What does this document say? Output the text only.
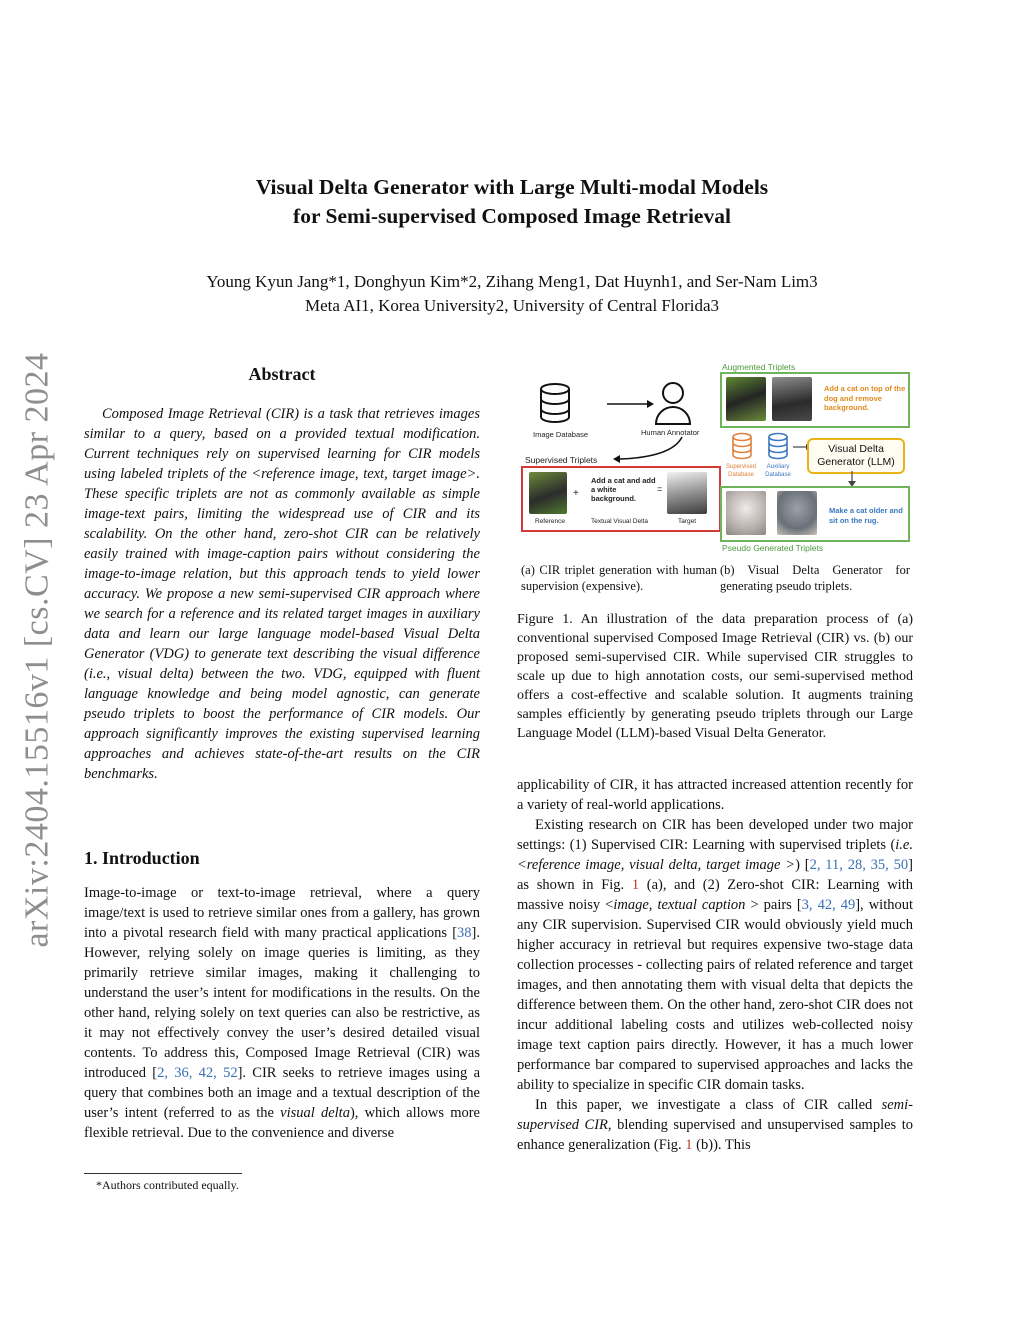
arXiv:2404.15516v1 [cs.CV] 23 Apr 2024
Visual Delta Generator with Large Multi-modal Models
for Semi-supervised Composed Image Retrieval
Young Kyun Jang*1, Donghyun Kim*2, Zihang Meng1, Dat Huynh1, and Ser-Nam Lim3
Meta AI1, Korea University2, University of Central Florida3
Abstract

Composed Image Retrieval (CIR) is a task that retrieves images similar to a query, based on a provided textual modification. Current techniques rely on supervised learning for CIR models using labeled triplets of the <reference image, text, target image>. These specific triplets are not as commonly available as simple image-text pairs, limiting the widespread use of CIR and its scalability. On the other hand, zero-shot CIR can be relatively easily trained with image-caption pairs without considering the image-to-image relation, but this approach tends to yield lower accuracy. We propose a new semi-supervised CIR approach where we search for a reference and its related target images in auxiliary data and learn our large language model-based Visual Delta Generator (VDG) to generate text describing the visual difference (i.e., visual delta) between the two. VDG, equipped with fluent language knowledge and being model agnostic, can generate pseudo triplets to boost the performance of CIR models. Our approach significantly improves the existing supervised learning approaches and achieves state-of-the-art results on the CIR benchmarks.

1. Introduction

Image-to-image or text-to-image retrieval, where a query image/text is used to retrieve similar ones from a gallery, has grown into a pivotal research field with many practical applications [38]. However, relying solely on image queries is limiting, as they primarily retrieve similar images, making it challenging to understand the user’s intent for modifications in the results. On the other hand, relying solely on text queries can also be restrictive, as it may not effectively convey the user’s desired detailed visual contents. To address this, Composed Image Retrieval (CIR) was introduced [2, 36, 42, 52]. CIR seeks to retrieve images using a query that combines both an image and a textual description of the user’s intent (referred to as the visual delta), which allows more flexible retrieval. Due to the convenience and diverse

*Authors contributed equally.
Image Database	Human Annotator
Supervised Triplets
+
Add a cat and add a white background.
=
Reference	Textual Visual Delta	Target
Augmented Triplets
Add a cat on top of the dog and remove background.
Supervised Database
Auxiliary Database
Visual Delta Generator (LLM)
Make a cat older and sit on the rug.
Pseudo Generated Triplets
(a) CIR triplet generation with human supervision (expensive).
(b) Visual Delta Generator for generating pseudo triplets.
Figure 1. An illustration of the data preparation process of (a) conventional supervised Composed Image Retrieval (CIR) vs. (b) our proposed semi-supervised CIR. While supervised CIR struggles to scale up due to high annotation costs, our semi-supervised method offers a cost-effective and scalable solution. It augments training samples efficiently by generating pseudo triplets through our Large Language Model (LLM)-based Visual Delta Generator.

applicability of CIR, it has attracted increased attention recently for a variety of real-world applications.

Existing research on CIR has been developed under two major settings: (1) Supervised CIR: Learning with supervised triplets (i.e. <reference image, visual delta, target image >) [2, 11, 28, 35, 50] as shown in Fig. 1 (a), and (2) Zero-shot CIR: Learning with massive noisy <image, textual caption > pairs [3, 42, 49], without any CIR supervision. Supervised CIR would obviously yield much higher accuracy in retrieval but requires expensive two-stage data collection processes - collecting pairs of related reference and target images, and then annotating them with visual delta that depicts the difference between them. On the other hand, zero-shot CIR does not incur additional labeling costs and utilizes web-collected noisy image text caption pairs directly. However, it has a much lower performance bar compared to supervised approaches and lacks the ability to specialize in specific CIR domain tasks.

In this paper, we investigate a class of CIR called semi-supervised CIR, blending supervised and unsupervised samples to enhance generalization (Fig. 1 (b)). This
